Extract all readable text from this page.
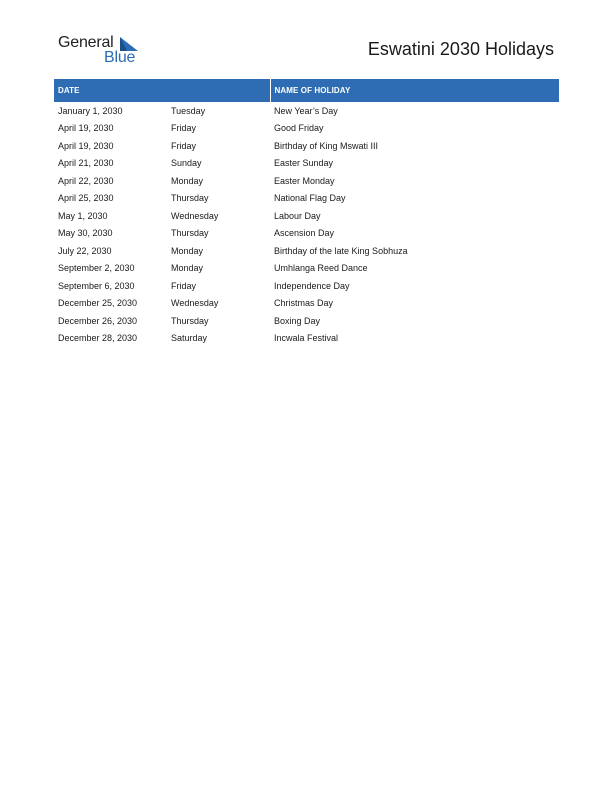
General
Blue	Eswatini 2030 Holidays
DATE		NAME OF HOLIDAY
January 1, 2030	Tuesday	New Year’s Day
April 19, 2030	Friday	Good Friday
April 19, 2030	Friday	Birthday of King Mswati III
April 21, 2030	Sunday	Easter Sunday
April 22, 2030	Monday	Easter Monday
April 25, 2030	Thursday	National Flag Day
May 1, 2030	Wednesday	Labour Day
May 30, 2030	Thursday	Ascension Day
July 22, 2030	Monday	Birthday of the late King Sobhuza
September 2, 2030	Monday	Umhlanga Reed Dance
September 6, 2030	Friday	Independence Day
December 25, 2030	Wednesday	Christmas Day
December 26, 2030	Thursday	Boxing Day
December 28, 2030	Saturday	Incwala Festival
